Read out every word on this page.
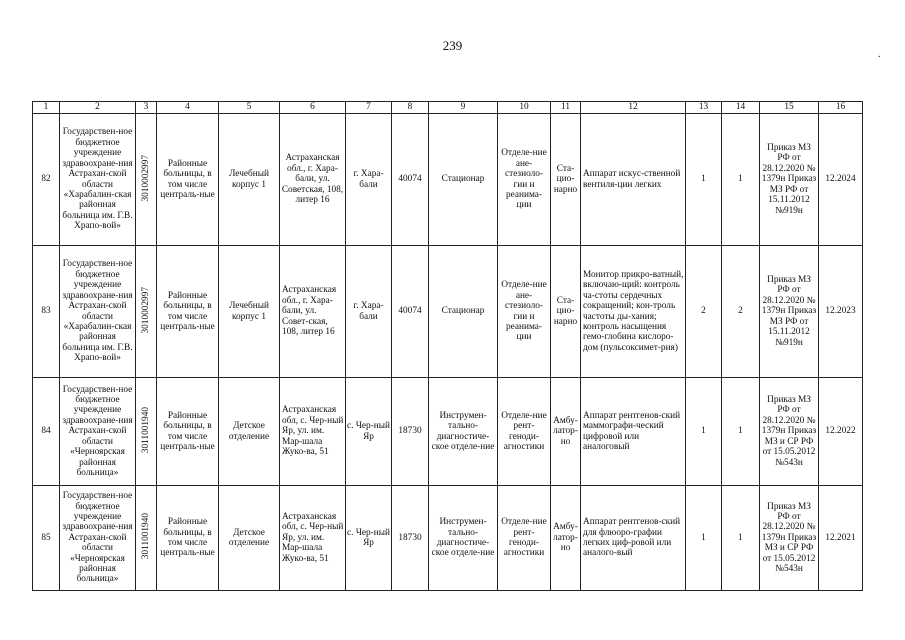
239
.
1	2	3	4	5	6	7	8	9	10	11	12	13	14	15	16
82	Государствен-ное бюджетное учреждение здравоохране-ния Астрахан-ской области «Харабалин-ская районная больница им. Г.В. Храпо-вой»	3010002997	Районные больницы, в том числе централь-ные	Лечебный корпус 1	Астраханская обл., г. Хара-бали, ул. Советская, 108, литер 16	г. Хара-бали	40074	Стационар	Отделе-ние ане-стезиоло-гии и реанима-ции	Ста-цио-нарно	Аппарат искус-ственной вентиля-ции легких	1	1	Приказ МЗ РФ от 28.12.2020 № 1379н Приказ МЗ РФ от 15.11.2012 №919н	12.2024
83	Государствен-ное бюджетное учреждение здравоохране-ния Астрахан-ской области «Харабалин-ская районная больница им. Г.В. Храпо-вой»	3010002997	Районные больницы, в том числе централь-ные	Лечебный корпус 1	Астраханская обл., г. Хара-бали, ул. Совет-ская, 108, литер 16	г. Хара-бали	40074	Стационар	Отделе-ние ане-стезиоло-гии и реанима-ции	Ста-цио-нарно	Монитор прикро-ватный, включаю-щий: контроль ча-стоты сердечных сокращений; кон-троль частоты ды-хания; контроль насыщения гемо-глобина кислоро-дом (пульсоксимет-рия)	2	2	Приказ МЗ РФ от 28.12.2020 № 1379н Приказ МЗ РФ от 15.11.2012 №919н	12.2023
84	Государствен-ное бюджетное учреждение здравоохране-ния Астрахан-ской области «Черноярская районная больница»	3011001940	Районные больницы, в том числе централь-ные	Детское отделение	Астраханская обл, с. Чер-ный Яр, ул. им. Мар-шала Жуко-ва, 51	с. Чер-ный Яр	18730	Инструмен-тально-диагностиче-ское отделе-ние	Отделе-ние рент-геноди-агностики	Амбу-латор-но	Аппарат рентгенов-ский маммографи-ческий цифровой или аналоговый	1	1	Приказ МЗ РФ от 28.12.2020 № 1379н Приказ МЗ и СР РФ от 15.05.2012 №543н	12.2022
85	Государствен-ное бюджетное учреждение здравоохране-ния Астрахан-ской области «Черноярская районная больница»	3011001940	Районные больницы, в том числе централь-ные	Детское отделение	Астраханская обл, с. Чер-ный Яр, ул. им. Мар-шала Жуко-ва, 51	с. Чер-ный Яр	18730	Инструмен-тально-диагностиче-ское отделе-ние	Отделе-ние рент-геноди-агностики	Амбу-латор-но	Аппарат рентгенов-ский для флюоро-графии легких циф-ровой или аналого-вый	1	1	Приказ МЗ РФ от 28.12.2020 № 1379н Приказ МЗ и СР РФ от 15.05.2012 №543н	12.2021
